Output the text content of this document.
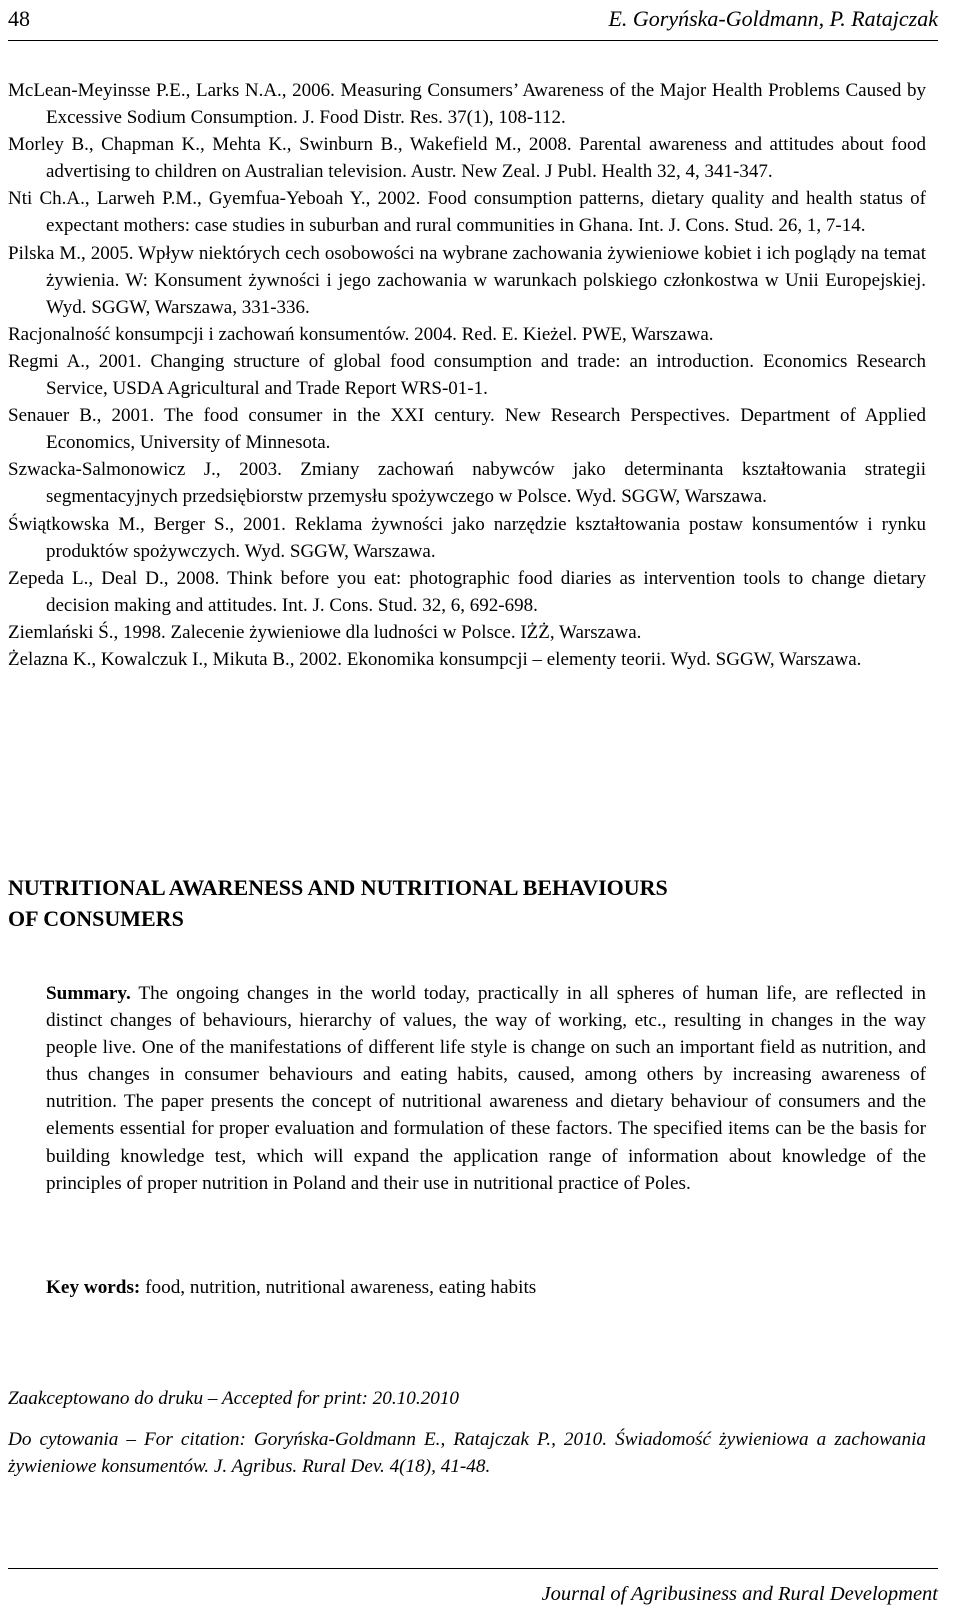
48	E. Goryńska-Goldmann, P. Ratajczak

McLean-Meyinsse P.E., Larks N.A., 2006. Measuring Consumers’ Awareness of the Major Health Problems Caused by Excessive Sodium Consumption. J. Food Distr. Res. 37(1), 108-112.

Morley B., Chapman K., Mehta K., Swinburn B., Wakefield M., 2008. Parental awareness and attitudes about food advertising to children on Australian television. Austr. New Zeal. J Publ. Health 32, 4, 341-347.

Nti Ch.A., Larweh P.M., Gyemfua-Yeboah Y., 2002. Food consumption patterns, dietary quality and health status of expectant mothers: case studies in suburban and rural communities in Ghana. Int. J. Cons. Stud. 26, 1, 7-14.

Pilska M., 2005. Wpływ niektórych cech osobowości na wybrane zachowania żywieniowe kobiet i ich poglądy na temat żywienia. W: Konsument żywności i jego zachowania w warunkach polskiego członkostwa w Unii Europejskiej. Wyd. SGGW, Warszawa, 331-336.

Racjonalność konsumpcji i zachowań konsumentów. 2004. Red. E. Kieżel. PWE, Warszawa.

Regmi A., 2001. Changing structure of global food consumption and trade: an introduction. Economics Research Service, USDA Agricultural and Trade Report WRS-01-1.

Senauer B., 2001. The food consumer in the XXI century. New Research Perspectives. Department of Applied Economics, University of Minnesota.

Szwacka-Salmonowicz J., 2003. Zmiany zachowań nabywców jako determinanta kształtowania strategii segmentacyjnych przedsiębiorstw przemysłu spożywczego w Polsce. Wyd. SGGW, Warszawa.

Świątkowska M., Berger S., 2001. Reklama żywności jako narzędzie kształtowania postaw konsumentów i rynku produktów spożywczych. Wyd. SGGW, Warszawa.

Zepeda L., Deal D., 2008. Think before you eat: photographic food diaries as intervention tools to change dietary decision making and attitudes. Int. J. Cons. Stud. 32, 6, 692-698.

Ziemlański Ś., 1998. Zalecenie żywieniowe dla ludności w Polsce. IŻŻ, Warszawa.

Żelazna K., Kowalczuk I., Mikuta B., 2002. Ekonomika konsumpcji – elementy teorii. Wyd. SGGW, Warszawa.

NUTRITIONAL AWARENESS AND NUTRITIONAL BEHAVIOURS
OF CONSUMERS

Summary. The ongoing changes in the world today, practically in all spheres of human life, are reflected in distinct changes of behaviours, hierarchy of values, the way of working, etc., resulting in changes in the way people live. One of the manifestations of different life style is change on such an important field as nutrition, and thus changes in consumer behaviours and eating habits, caused, among others by increasing awareness of nutrition. The paper presents the concept of nutritional awareness and dietary behaviour of consumers and the elements essential for proper evaluation and formulation of these factors. The specified items can be the basis for building knowledge test, which will expand the application range of information about knowledge of the principles of proper nutrition in Poland and their use in nutritional practice of Poles.

Key words: food, nutrition, nutritional awareness, eating habits

Zaakceptowano do druku – Accepted for print: 20.10.2010

Do cytowania – For citation: Goryńska-Goldmann E., Ratajczak P., 2010. Świadomość żywieniowa a zachowania żywieniowe konsumentów. J. Agribus. Rural Dev. 4(18), 41-48.

Journal of Agribusiness and Rural Development
